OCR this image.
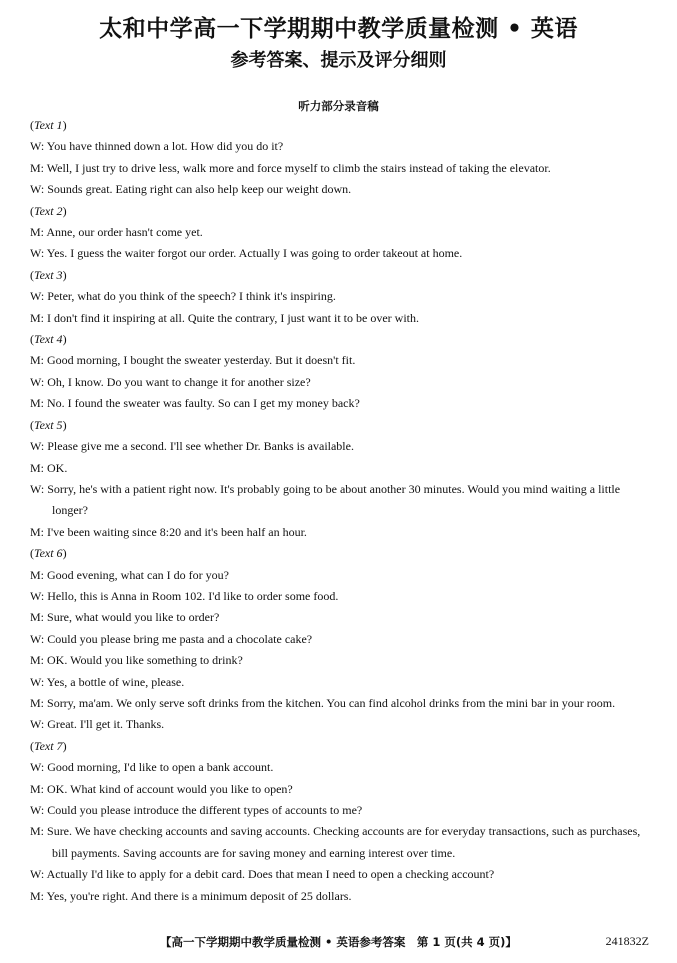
太和中学高一下学期期中教学质量检测 • 英语
参考答案、提示及评分细则
听力部分录音稿
(Text 1)
W: You have thinned down a lot. How did you do it?
M: Well, I just try to drive less, walk more and force myself to climb the stairs instead of taking the elevator.
W: Sounds great. Eating right can also help keep our weight down.
(Text 2)
M: Anne, our order hasn't come yet.
W: Yes. I guess the waiter forgot our order. Actually I was going to order takeout at home.
(Text 3)
W: Peter, what do you think of the speech? I think it's inspiring.
M: I don't find it inspiring at all. Quite the contrary, I just want it to be over with.
(Text 4)
M: Good morning, I bought the sweater yesterday. But it doesn't fit.
W: Oh, I know. Do you want to change it for another size?
M: No. I found the sweater was faulty. So can I get my money back?
(Text 5)
W: Please give me a second. I'll see whether Dr. Banks is available.
M: OK.
W: Sorry, he's with a patient right now. It's probably going to be about another 30 minutes. Would you mind waiting a little longer?
M: I've been waiting since 8:20 and it's been half an hour.
(Text 6)
M: Good evening, what can I do for you?
W: Hello, this is Anna in Room 102. I'd like to order some food.
M: Sure, what would you like to order?
W: Could you please bring me pasta and a chocolate cake?
M: OK. Would you like something to drink?
W: Yes, a bottle of wine, please.
M: Sorry, ma'am. We only serve soft drinks from the kitchen. You can find alcohol drinks from the mini bar in your room.
W: Great. I'll get it. Thanks.
(Text 7)
W: Good morning, I'd like to open a bank account.
M: OK. What kind of account would you like to open?
W: Could you please introduce the different types of accounts to me?
M: Sure. We have checking accounts and saving accounts. Checking accounts are for everyday transactions, such as purchases, bill payments. Saving accounts are for saving money and earning interest over time.
W: Actually I'd like to apply for a debit card. Does that mean I need to open a checking account?
M: Yes, you're right. And there is a minimum deposit of 25 dollars.
【高一下学期期中教学质量检测 • 英语参考答案　第 1 页(共 4 页)】	241832Z
